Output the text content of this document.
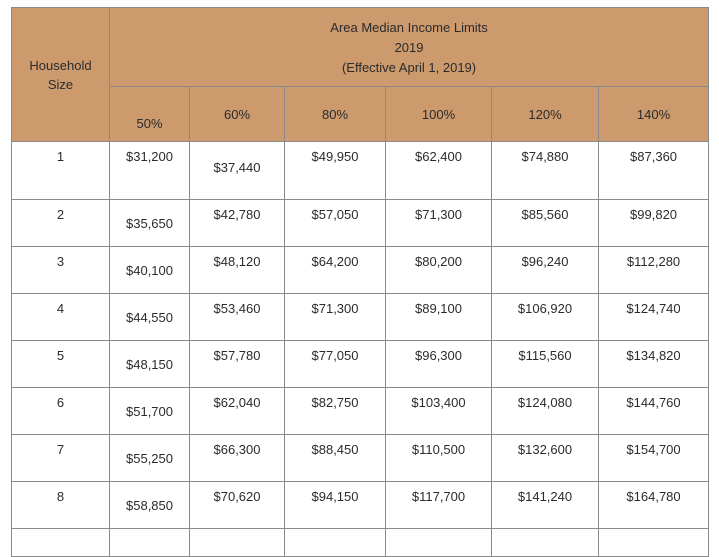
Household
Size	Area Median Income Limits
2019
(Effective April 1, 2019)					

	50%	60%	80%	100%	120%	140%
1	$31,200	$37,440	$49,950	$62,400	$74,880	$87,360
2	$35,650	$42,780	$57,050	$71,300	$85,560	$99,820
3	$40,100	$48,120	$64,200	$80,200	$96,240	$112,280
4	$44,550	$53,460	$71,300	$89,100	$106,920	$124,740
5	$48,150	$57,780	$77,050	$96,300	$115,560	$134,820
6	$51,700	$62,040	$82,750	$103,400	$124,080	$144,760
7	$55,250	$66,300	$88,450	$110,500	$132,600	$154,700
8	$58,850	$70,620	$94,150	$117,700	$141,240	$164,780
